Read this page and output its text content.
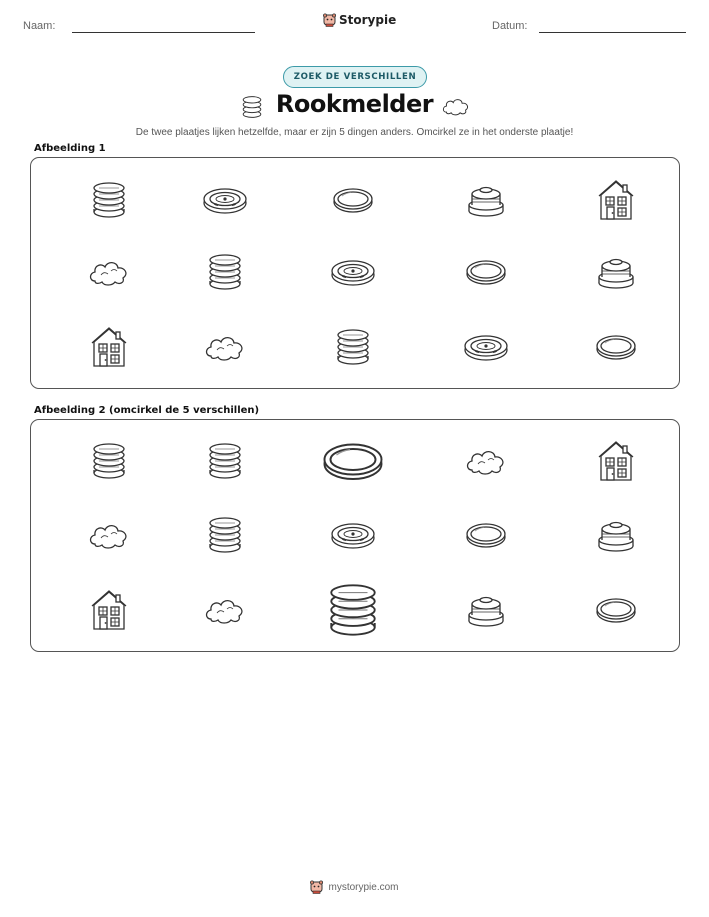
Naam:	Storypie	Datum:
ZOEK DE VERSCHILLEN
Rookmelder
De twee plaatjes lijken hetzelfde, maar er zijn 5 dingen anders. Omcirkel ze in het onderste plaatje!
Afbeelding 1
Afbeelding 2 (omcirkel de 5 verschillen)
mystorypie.com
